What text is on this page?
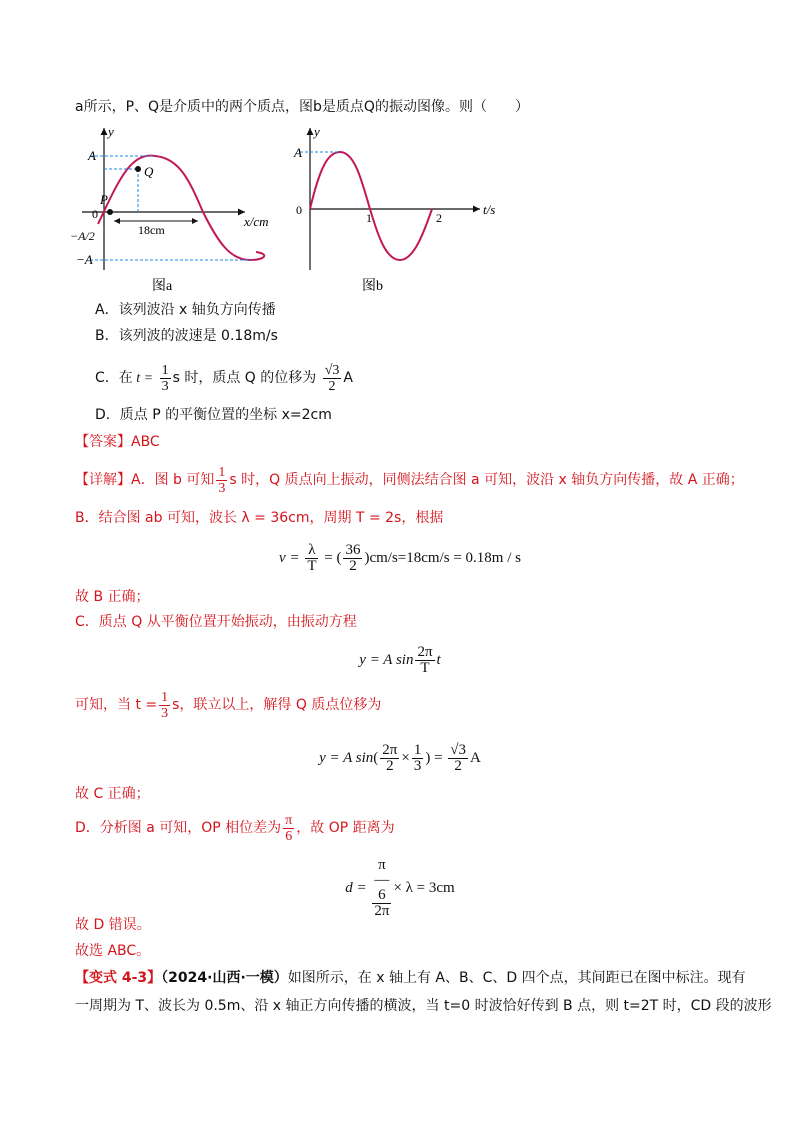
a所示，P、Q是介质中的两个质点，图b是质点Q的振动图像。则（　　）
y
x/cm
A
−A
−A/2
0
P
Q
18cm
图a
y
t/s
A
0
1	2
图b
A．该列波沿 x 轴负方向传播
B．该列波的波速是 0.18m/s
C．在 $t = \frac{1}{3}$ s 时，质点 Q 的位移为 $\frac{√3}{2}$ A
D．质点 P 的平衡位置的坐标 x=2cm
【答案】ABC
【详解】A．图 b 可知 $\frac{1}{3}$ s 时，Q 质点向上振动，同侧法结合图 a 可知，波沿 x 轴负方向传播，故 A 正确；
B．结合图 ab 可知，波长 λ = 36cm，周期 T = 2s，根据
$v = \frac{\lambda}{T}$ = ( $\frac{36}{2} )cm/s=18cm/s = 0.18m / s$
故 B 正确；
C．质点 Q 从平衡位置开始振动，由振动方程
y = A $\sin \frac{2\pi}{T}$ t
可知，当 $t = \frac{1}{3}$ s，联立以上，解得 Q 质点位移为
y = A $\sin( \frac{2\pi}{2} \times \frac{1}{3}$ ) = $\frac{√3}{2}$ A
故 C 正确；
D．分析图 a 可知，OP 相位差为 $\frac{\pi}{6}$ ，故 OP 距离为
d =
π
―
6
2π
× λ = 3cm
故 D 错误。
故选 ABC。
【变式 4-3】（2024·山西·一模）如图所示，在 x 轴上有 A、B、C、D 四个点，其间距已在图中标注。现有
一周期为 T、波长为 0.5m、沿 x 轴正方向传播的横波，当 t=0 时波恰好传到 B 点，则 t=2T 时，CD 段的波形
